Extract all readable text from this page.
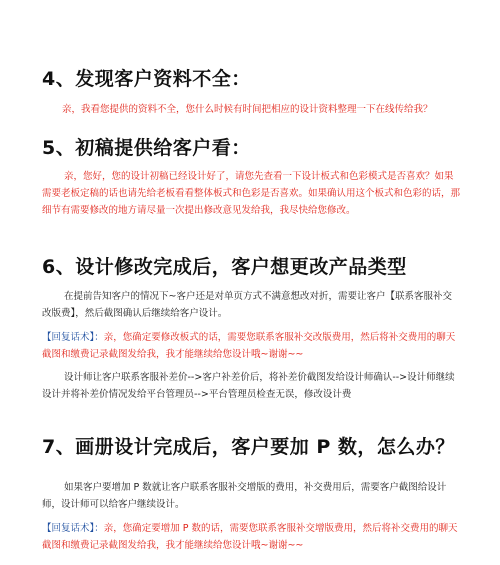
4、发现客户资料不全：
亲，我看您提供的资料不全，您什么时候有时间把相应的设计资料整理一下在线传给我？
5、初稿提供给客户看：
亲，您好，您的设计初稿已经设计好了，请您先查看一下设计板式和色彩模式是否喜欢？如果需要老板定稿的话也请先给老板看看整体板式和色彩是否喜欢。如果确认用这个板式和色彩的话，那细节有需要修改的地方请尽量一次提出修改意见发给我，我尽快给您修改。
6、设计修改完成后，客户想更改产品类型
在提前告知客户的情况下~客户还是对单页方式不满意想改对折，需要让客户【联系客服补交改版费】，然后截图确认后继续给客户设计。
【回复话术】：亲，您确定要修改板式的话，需要您联系客服补交改版费用，然后将补交费用的聊天截图和缴费记录截图发给我，我才能继续给您设计哦~谢谢~~
设计师让客户联系客服补差价-->客户补差价后，将补差价截图发给设计师确认-->设计师继续设计并将补差价情况发给平台管理员-->平台管理员检查无误，修改设计费
7、画册设计完成后，客户要加 P 数，怎么办？
如果客户要增加 P 数就让客户联系客服补交增版的费用，补交费用后，需要客户截图给设计师，设计师可以给客户继续设计。
【回复话术】：亲，您确定要增加 P 数的话，需要您联系客服补交增版费用，然后将补交费用的聊天截图和缴费记录截图发给我，我才能继续给您设计哦~谢谢~~
